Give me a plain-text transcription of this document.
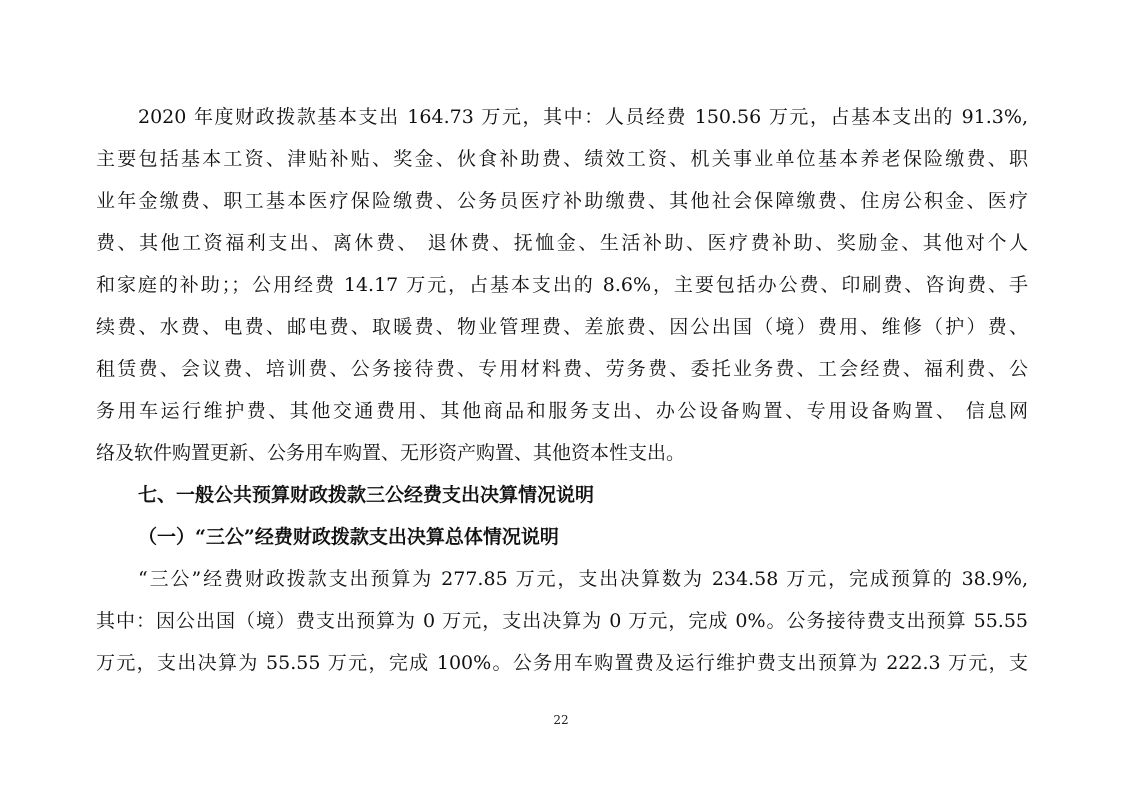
2020 年度财政拨款基本支出 164.73 万元，其中：人员经费 150.56 万元，占基本支出的 91.3%,
主要包括基本工资、津贴补贴、奖金、伙食补助费、绩效工资、机关事业单位基本养老保险缴费、职
业年金缴费、职工基本医疗保险缴费、公务员医疗补助缴费、其他社会保障缴费、住房公积金、医疗
费、其他工资福利支出、离休费、 退休费、抚恤金、生活补助、医疗费补助、奖励金、其他对个人
和家庭的补助；；公用经费 14.17 万元，占基本支出的 8.6%，主要包括办公费、印刷费、咨询费、手
续费、水费、电费、邮电费、取暖费、物业管理费、差旅费、因公出国（境）费用、维修（护）费、
租赁费、会议费、培训费、公务接待费、专用材料费、劳务费、委托业务费、工会经费、福利费、公
务用车运行维护费、其他交通费用、其他商品和服务支出、办公设备购置、专用设备购置、 信息网
络及软件购置更新、公务用车购置、无形资产购置、其他资本性支出。
七、一般公共预算财政拨款三公经费支出决算情况说明
（一）“三公”经费财政拨款支出决算总体情况说明
“三公”经费财政拨款支出预算为 277.85 万元，支出决算数为 234.58 万元，完成预算的 38.9%,
其中：因公出国（境）费支出预算为 0 万元，支出决算为 0 万元，完成 0%。公务接待费支出预算 55.55
万元，支出决算为 55.55 万元，完成 100%。公务用车购置费及运行维护费支出预算为 222.3 万元，支
22
